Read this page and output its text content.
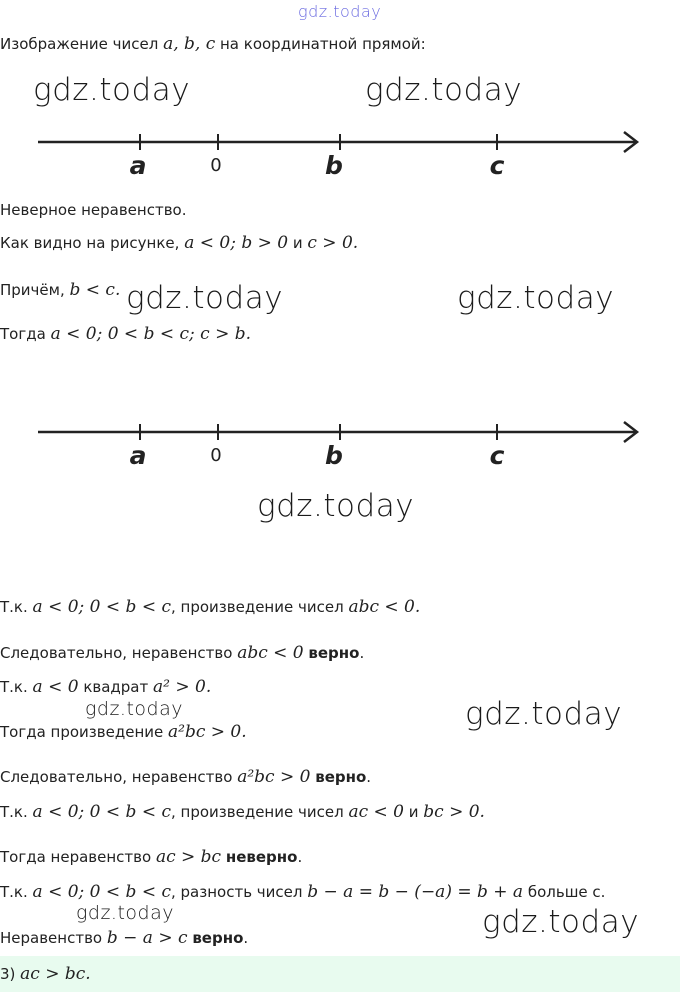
gdz.today
gdz.today	gdz.today
gdz.today	gdz.today
gdz.today
gdz.today	gdz.today
gdz.today	gdz.today
Изображение чисел a, b, c на координатной прямой:
a	0	b	c
Неверное неравенство.
Как видно на рисунке, a < 0; b > 0 и c > 0.
Причём, b < c.
Тогда a < 0; 0 < b < c; c > b.
a	0	b	c
Т.к. a < 0; 0 < b < c, произведение чисел abc < 0.
Следовательно, неравенство abc < 0 верно.
Т.к. a < 0 квадрат a² > 0.
Тогда произведение a²bc > 0.
Следовательно, неравенство a²bc > 0 верно.
Т.к. a < 0; 0 < b < c, произведение чисел ac < 0 и bc > 0.
Тогда неравенство ac > bc неверно.
Т.к. a < 0; 0 < b < c, разность чисел b − a = b − (−a) = b + a больше с.
Неравенство b − a > c верно.
3) ac > bc.
